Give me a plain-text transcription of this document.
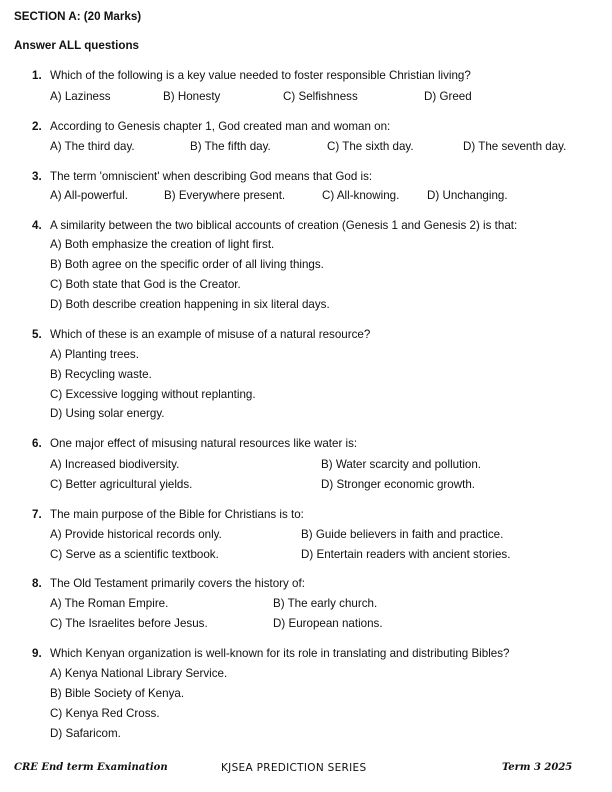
SECTION A: (20 Marks)
Answer ALL questions
1. Which of the following is a key value needed to foster responsible Christian living?
A) Laziness	B) Honesty	C) Selfishness	D) Greed
2. According to Genesis chapter 1, God created man and woman on:
A) The third day.	B) The fifth day.	C) The sixth day.	D) The seventh day.
3. The term 'omniscient' when describing God means that God is:
A) All-powerful.	B) Everywhere present.	C) All-knowing. D) Unchanging.
4. A similarity between the two biblical accounts of creation (Genesis 1 and Genesis 2) is that:
A) Both emphasize the creation of light first.
B) Both agree on the specific order of all living things.
C) Both state that God is the Creator.
D) Both describe creation happening in six literal days.
5. Which of these is an example of misuse of a natural resource?
A) Planting trees.
B) Recycling waste.
C) Excessive logging without replanting.
D) Using solar energy.
6. One major effect of misusing natural resources like water is:
A) Increased biodiversity.	B) Water scarcity and pollution.
C) Better agricultural yields.	D) Stronger economic growth.
7. The main purpose of the Bible for Christians is to:
A) Provide historical records only.	B) Guide believers in faith and practice.
C) Serve as a scientific textbook.	D) Entertain readers with ancient stories.
8. The Old Testament primarily covers the history of:
A) The Roman Empire.	B) The early church.
C) The Israelites before Jesus.	D) European nations.
9. Which Kenyan organization is well-known for its role in translating and distributing Bibles?
A) Kenya National Library Service.
B) Bible Society of Kenya.
C) Kenya Red Cross.
D) Safaricom.
CRE End term Examination	KJSEA PREDICTION SERIES	Term 3 2025
